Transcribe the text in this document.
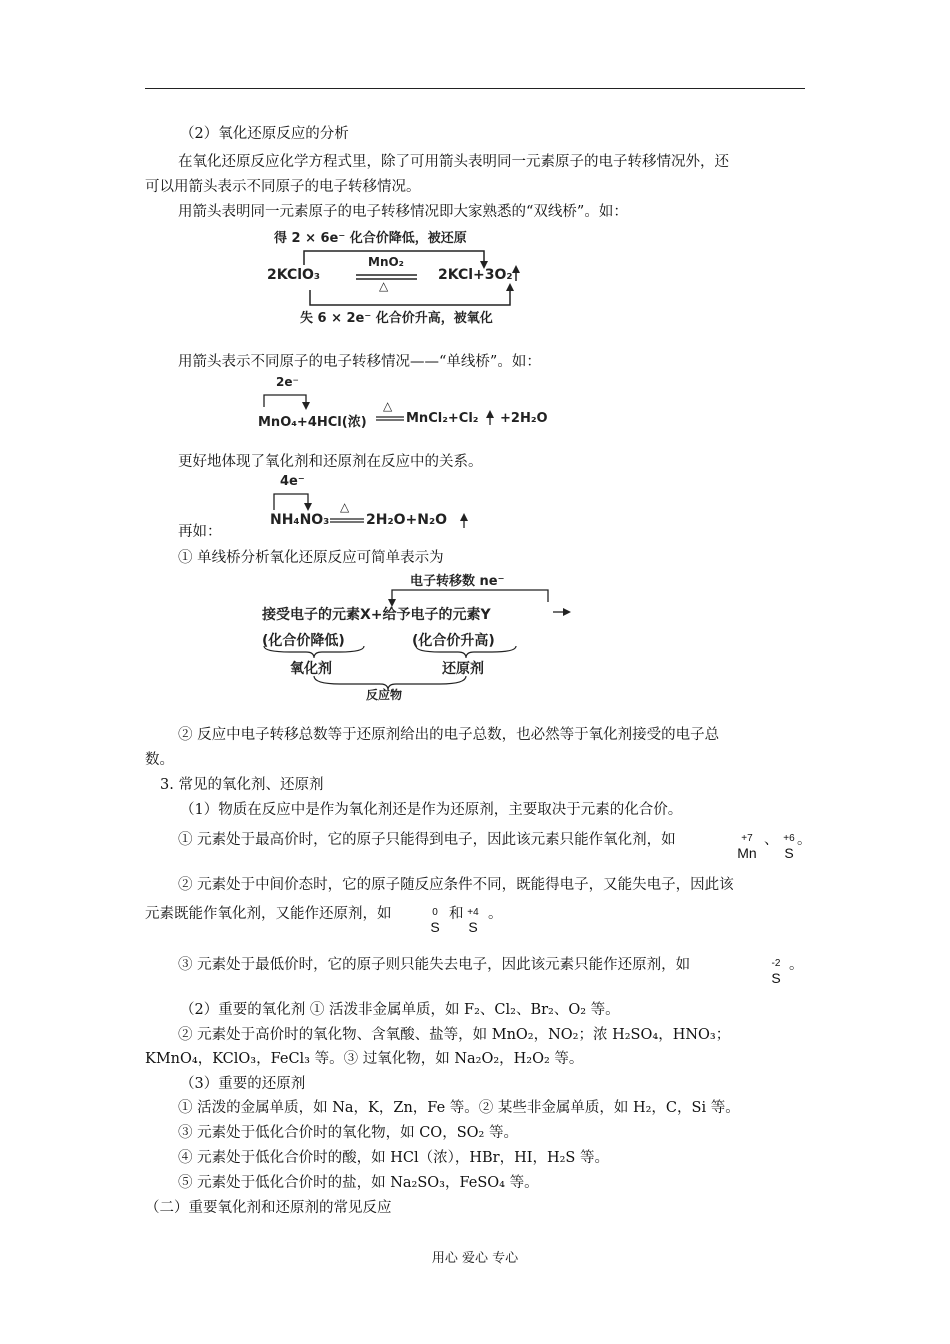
（2）氧化还原反应的分析
在氧化还原反应化学方程式里，除了可用箭头表明同一元素原子的电子转移情况外，还
可以用箭头表示不同原子的电子转移情况。
用箭头表明同一元素原子的电子转移情况即大家熟悉的“双线桥”。如：
得 2 × 6e⁻ 化合价降低，被还原
2KClO₃
MnO₂
△
2KCl+3O₂
失 6 × 2e⁻ 化合价升高，被氧化
用箭头表示不同原子的电子转移情况——“单线桥”。如：
2e⁻
MnO₄+4HCl(浓)
△
MnCl₂+Cl₂ +2H₂O
更好地体现了氧化剂和还原剂在反应中的关系。
4e⁻
NH₄NO₃
△
2H₂O+N₂O
再如：
① 单线桥分析氧化还原反应可简单表示为
电子转移数 ne⁻
接受电子的元素X+给予电子的元素Y
(化合价降低)	(化合价升高)
氧化剂	还原剂
反应物
② 反应中电子转移总数等于还原剂给出的电子总数，也必然等于氧化剂接受的电子总
数。
3. 常见的氧化剂、还原剂
（1）物质在反应中是作为氧化剂还是作为还原剂，主要取决于元素的化合价。
① 元素处于最高价时，它的原子只能得到电子，因此该元素只能作氧化剂，如	+7
Mn
、 +6
S
。
② 元素处于中间价态时，它的原子随反应条件不同，既能得电子，又能失电子，因此该
元素既能作氧化剂，又能作还原剂，如	0
S
和 +4
S
。
③ 元素处于最低价时，它的原子则只能失去电子，因此该元素只能作还原剂，如	-2
S
。
（2）重要的氧化剂 ① 活泼非金属单质，如 F₂、Cl₂、Br₂、O₂ 等。
② 元素处于高价时的氧化物、含氧酸、盐等，如 MnO₂，NO₂；浓 H₂SO₄，HNO₃；
KMnO₄，KClO₃，FeCl₃ 等。③ 过氧化物，如 Na₂O₂，H₂O₂ 等。
（3）重要的还原剂
① 活泼的金属单质，如 Na，K，Zn，Fe 等。② 某些非金属单质，如 H₂，C，Si 等。
③ 元素处于低化合价时的氧化物，如 CO，SO₂ 等。
④ 元素处于低化合价时的酸，如 HCl（浓），HBr，HI，H₂S 等。
⑤ 元素处于低化合价时的盐，如 Na₂SO₃，FeSO₄ 等。
（二）重要氧化剂和还原剂的常见反应
用心 爱心 专心
